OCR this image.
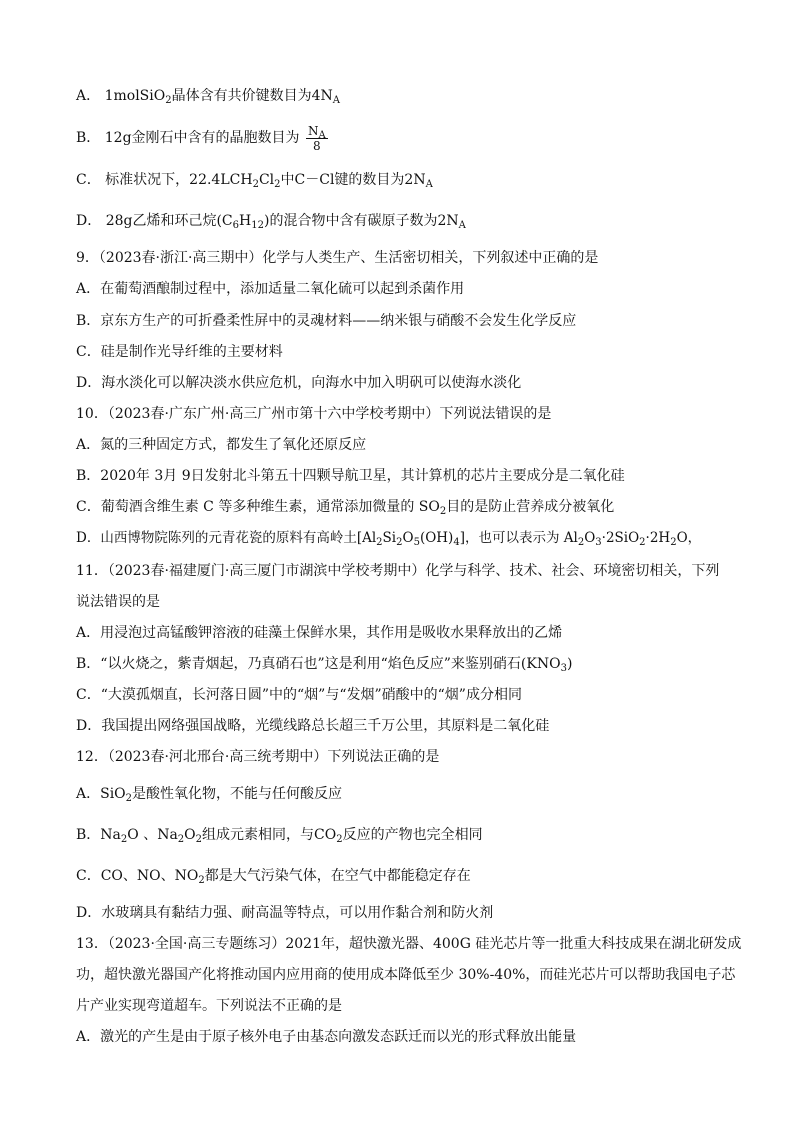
A． 1molSiO$_2$晶体含有共价键数目为$4N_A$
B． 12g金刚石中含有的晶胞数目为 $\frac{N_A}{8}$
C． 标准状况下，$22.4LCH_2Cl_2$中C－Cl键的数目为$2N_A$
D． 28g乙烯和环己烷$(C_6H_{12})$的混合物中含有碳原子数为$2N_A$
9．（2023春·浙江·高三期中）化学与人类生产、生活密切相关，下列叙述中正确的是
A．在葡萄酒酿制过程中，添加适量二氧化硫可以起到杀菌作用
B．京东方生产的可折叠柔性屏中的灵魂材料——纳米银与硝酸不会发生化学反应
C．硅是制作光导纤维的主要材料
D．海水淡化可以解决淡水供应危机，向海水中加入明矾可以使海水淡化
10．（2023春·广东广州·高三广州市第十六中学校考期中）下列说法错误的是
A．氮的三种固定方式，都发生了氧化还原反应
B．2020年 3月 9日发射北斗第五十四颗导航卫星，其计算机的芯片主要成分是二氧化硅
C．葡萄酒含维生素 C 等多种维生素，通常添加微量的 $SO_2$目的是防止营养成分被氧化
D．山西博物院陈列的元青花瓷的原料有高岭土$[Al_2Si_2O_5(OH)_4]$，也可以表示为 $Al_2O_3\cdot 2SiO_2\cdot 2H_2O$，
11．（2023春·福建厦门·高三厦门市湖滨中学校考期中）化学与科学、技术、社会、环境密切相关，下列
说法错误的是
A．用浸泡过高锰酸钾溶液的硅藻土保鲜水果，其作用是吸收水果释放出的乙烯
B．“以火烧之，紫青烟起，乃真硝石也”这是利用“焰色反应”来鉴别硝石$(KNO_3)$
C．“大漠孤烟直，长河落日圆”中的“烟”与“发烟”硝酸中的“烟”成分相同
D．我国提出网络强国战略，光缆线路总长超三千万公里，其原料是二氧化硅
12．（2023春·河北邢台·高三统考期中）下列说法正确的是
A．SiO$_2$是酸性氧化物，不能与任何酸反应
B．$Na_2O$ 、$Na_2O_2$组成元素相同，与$CO_2$反应的产物也完全相同
C．CO、NO、$NO_2$都是大气污染气体，在空气中都能稳定存在
D．水玻璃具有黏结力强、耐高温等特点，可以用作黏合剂和防火剂
13．（2023·全国·高三专题练习）2021年，超快激光器、400G 硅光芯片等一批重大科技成果在湖北研发成
功，超快激光器国产化将推动国内应用商的使用成本降低至少 30%-40%，而硅光芯片可以帮助我国电子芯
片产业实现弯道超车。下列说法不正确的是
A．激光的产生是由于原子核外电子由基态向激发态跃迁而以光的形式释放出能量
